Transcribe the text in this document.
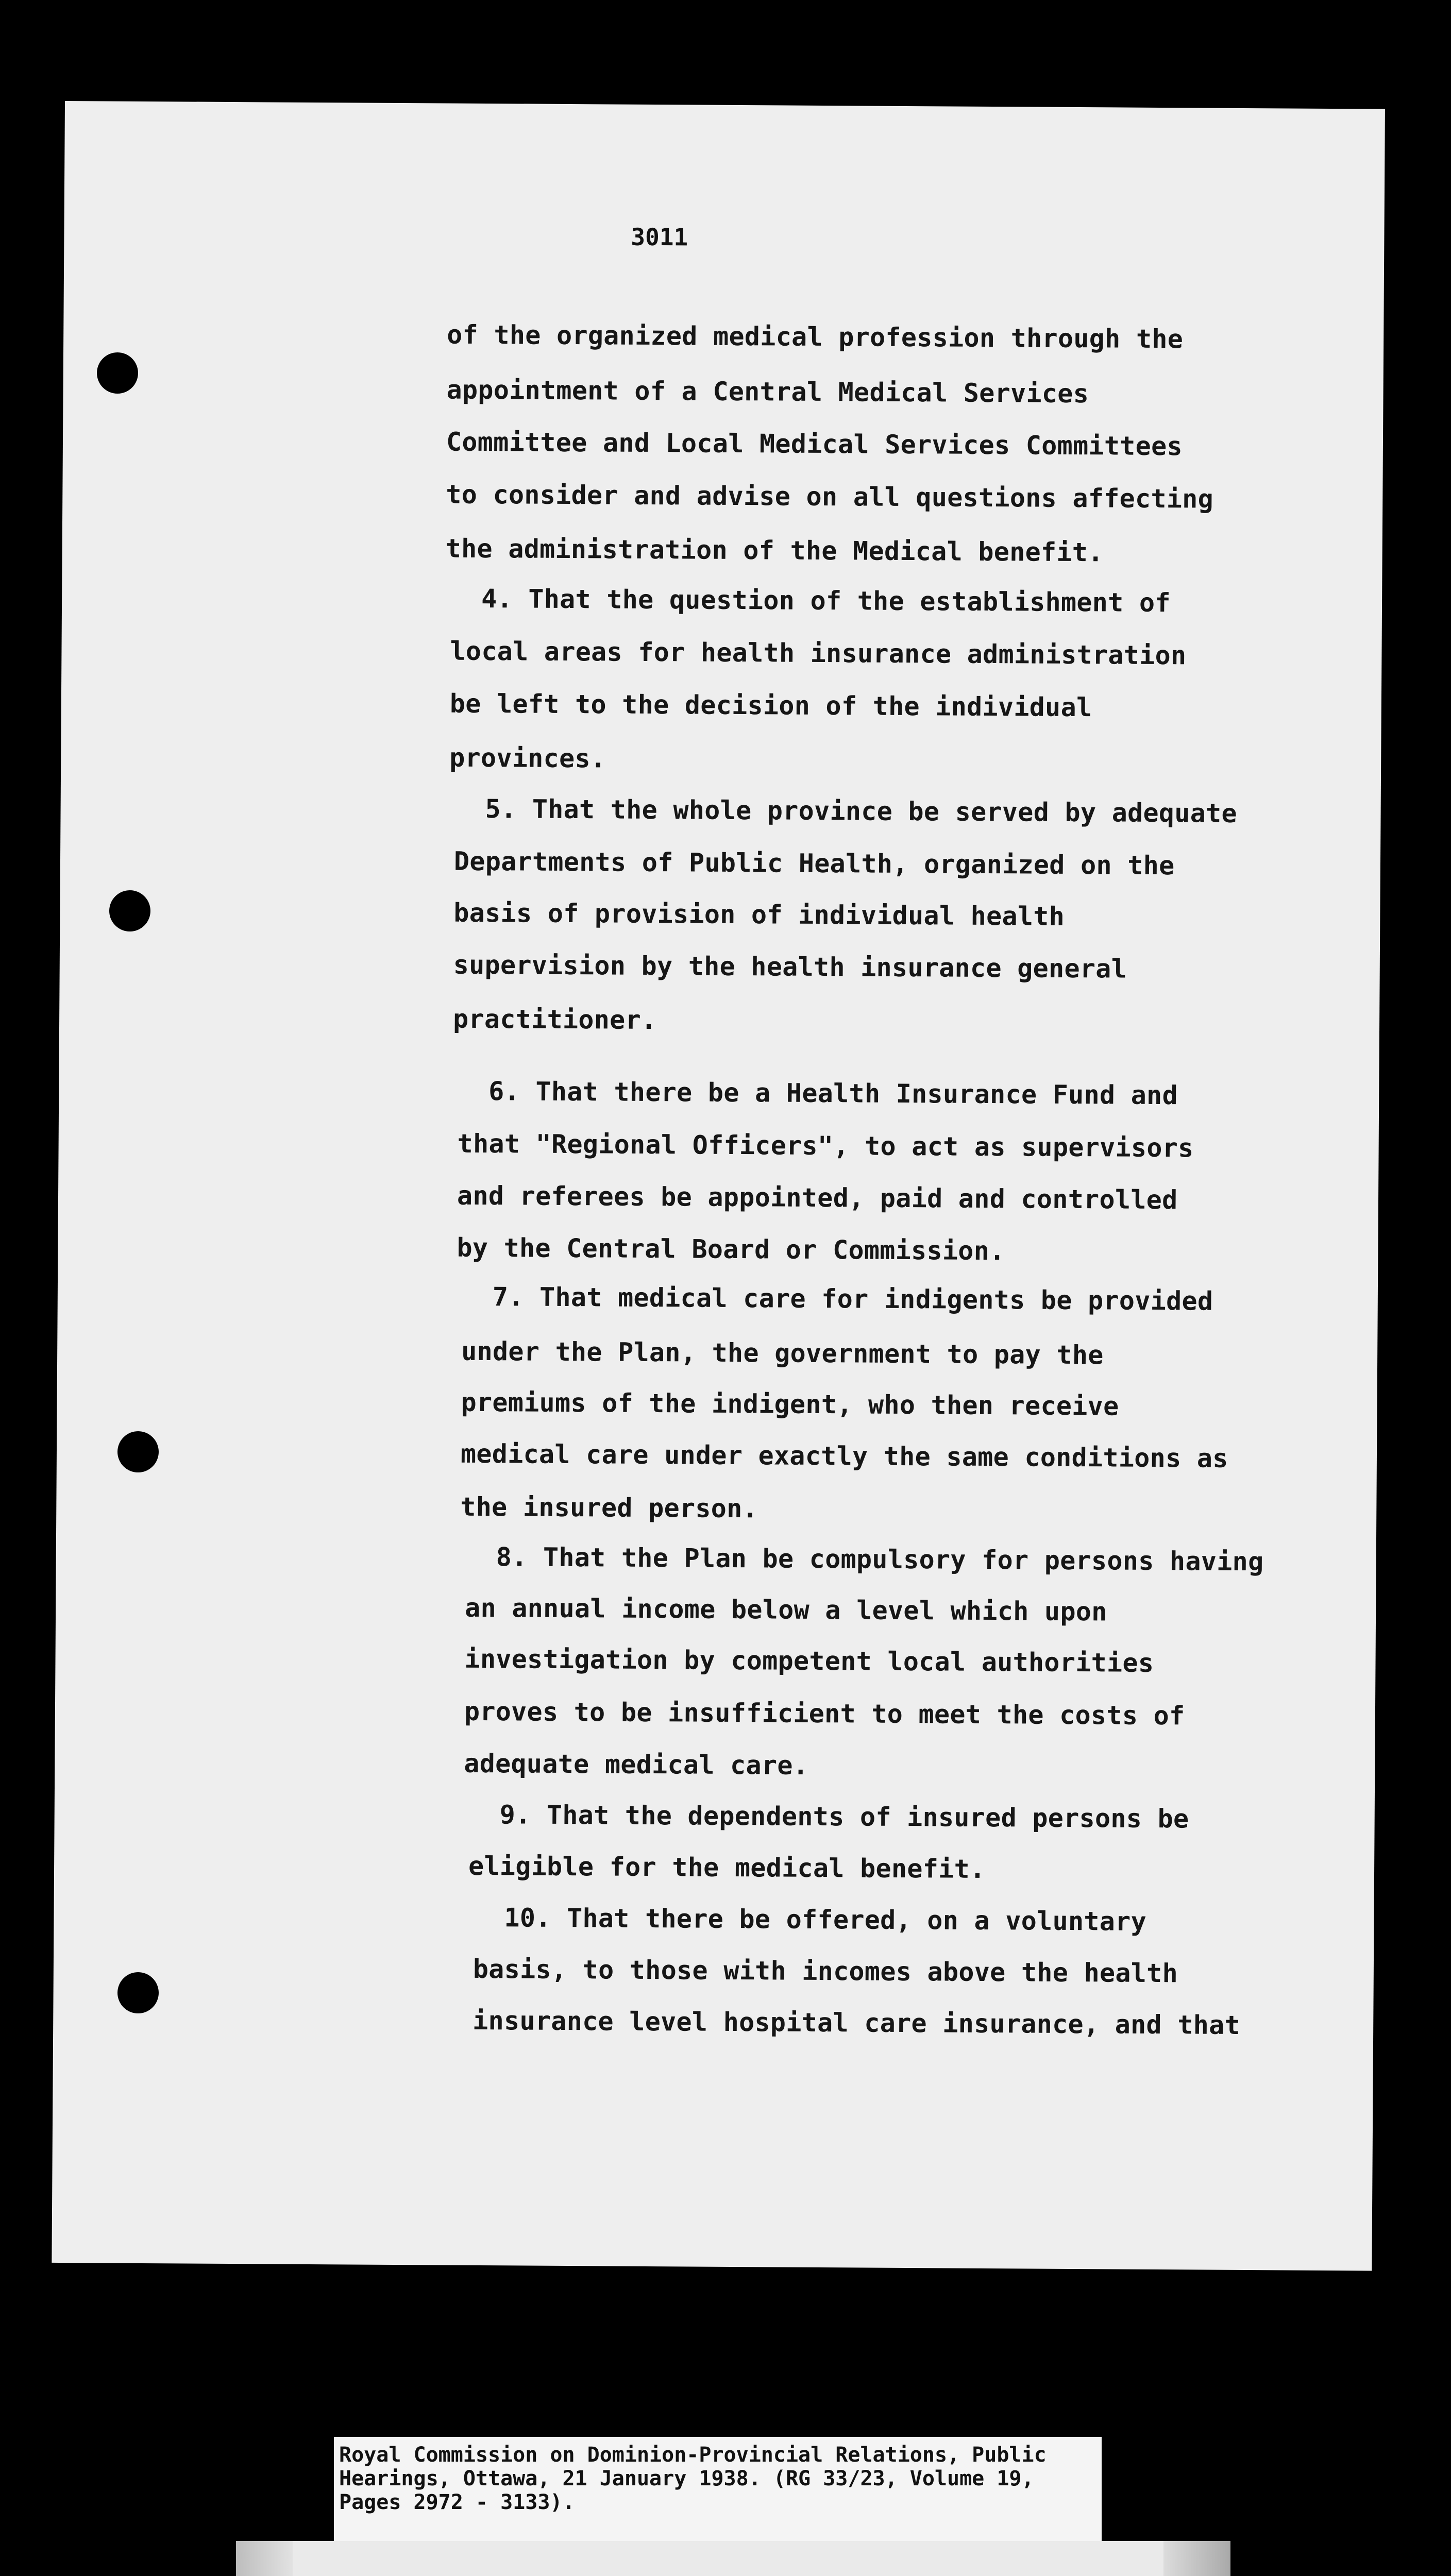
3011
of the organized medical profession through the
appointment of a Central Medical Services
Committee and Local Medical Services Committees
to consider and advise on all questions affecting
the administration of the Medical benefit.
4. That the question of the establishment of
local areas for health insurance administration
be left to the decision of the individual
provinces.
5. That the whole province be served by adequate
Departments of Public Health, organized on the
basis of provision of individual health
supervision by the health insurance general
practitioner.
6. That there be a Health Insurance Fund and
that "Regional Officers", to act as supervisors
and referees be appointed, paid and controlled
by the Central Board or Commission.
7. That medical care for indigents be provided
under the Plan, the government to pay the
premiums of the indigent, who then receive
medical care under exactly the same conditions as
the insured person.
8. That the Plan be compulsory for persons having
an annual income below a level which upon
investigation by competent local authorities
proves to be insufficient to meet the costs of
adequate medical care.
9. That the dependents of insured persons be
eligible for the medical benefit.
10. That there be offered, on a voluntary
basis, to those with incomes above the health
insurance level hospital care insurance, and that
Royal Commission on Dominion-Provincial Relations, Public
Hearings, Ottawa, 21 January 1938. (RG 33/23, Volume 19,
Pages 2972 - 3133).
